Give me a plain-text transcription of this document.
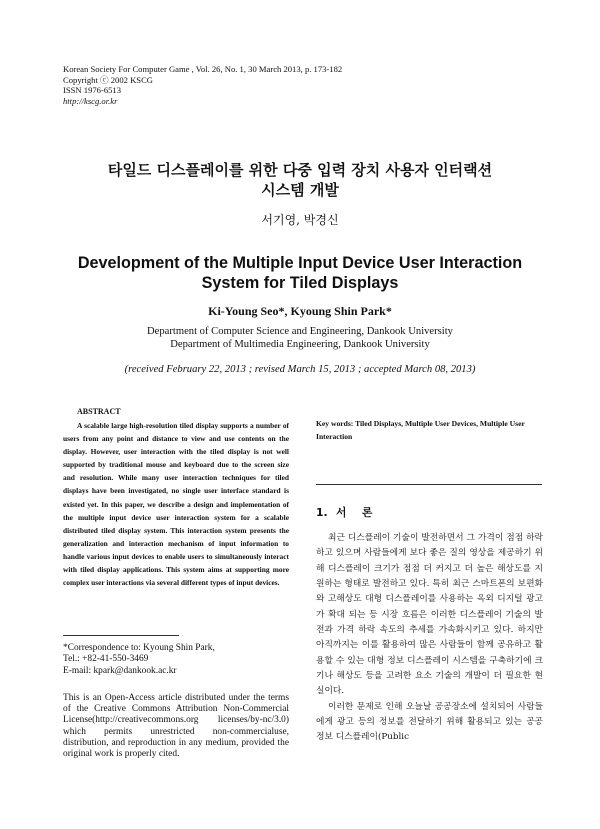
Korean Society For Computer Game , Vol. 26, No. 1, 30 March 2013, p. 173-182
Copyright ⓒ 2002 KSCG
ISSN 1976-6513
http://kscg.or.kr
타일드 디스플레이를 위한 다중 입력 장치 사용자 인터랙션
시스템 개발
서기영, 박경신
Development of the Multiple Input Device User Interaction
System for Tiled Displays
Ki-Young Seo*, Kyoung Shin Park*
Department of Computer Science and Engineering, Dankook University
Department of Multimedia Engineering, Dankook University
(received February 22, 2013 ; revised March 15, 2013 ; accepted March 08, 2013)
ABSTRACT

A scalable large high-resolution tiled display supports a number of users from any point and distance to view and use contents on the display. However, user interaction with the tiled display is not well supported by traditional mouse and keyboard due to the screen size and resolution. While many user interaction techniques for tiled displays have been investigated, no single user interface standard is existed yet. In this paper, we describe a design and implementation of the multiple input device user interaction system for a scalable distributed tiled display system. This interaction system presents the generalization and interaction mechanism of input information to handle various input devices to enable users to simultaneously interact with tiled display applications. This system aims at supporting more complex user interactions via several different types of input devices.

*Correspondence to: Kyoung Shin Park,
Tel.: +82-41-550-3469
E-mail: kpark@dankook.ac.kr

This is an Open-Access article distributed under the terms of the Creative Commons Attribution Non-Commercial License(http://creativecommons.org licenses/by-nc/3.0) which permits unrestricted non-commercialuse, distribution, and reproduction in any medium, provided the original work is properly cited.

Key words: Tiled Displays, Multiple User Devices, Multiple User Interaction
1. 서 론

최근 디스플레이 기술이 발전하면서 그 가격이 점점 하락하고 있으며 사람들에게 보다 좋은 질의 영상을 제공하기 위해 디스플레이 크기가 점점 더 커지고 더 높은 해상도를 지원하는 형태로 발전하고 있다. 특히 최근 스마트폰의 보편화와 고해상도 대형 디스플레이를 사용하는 옥외 디지털 광고가 확대 되는 등 시장 흐름은 이러한 디스플레이 기술의 발전과 가격 하락 속도의 추세를 가속화시키고 있다. 하지만 아직까지는 이를 활용하여 많은 사람들이 함께 공유하고 활용할 수 있는 대형 정보 디스플레이 시스템을 구축하기에 크기나 해상도 등을 고려한 요소 기술의 개발이 더 필요한 현실이다.

이러한 문제로 인해 오늘날 공공장소에 설치되어 사람들에게 광고 등의 정보를 전달하기 위해 활용되고 있는 공공 정보 디스플레이(Public
